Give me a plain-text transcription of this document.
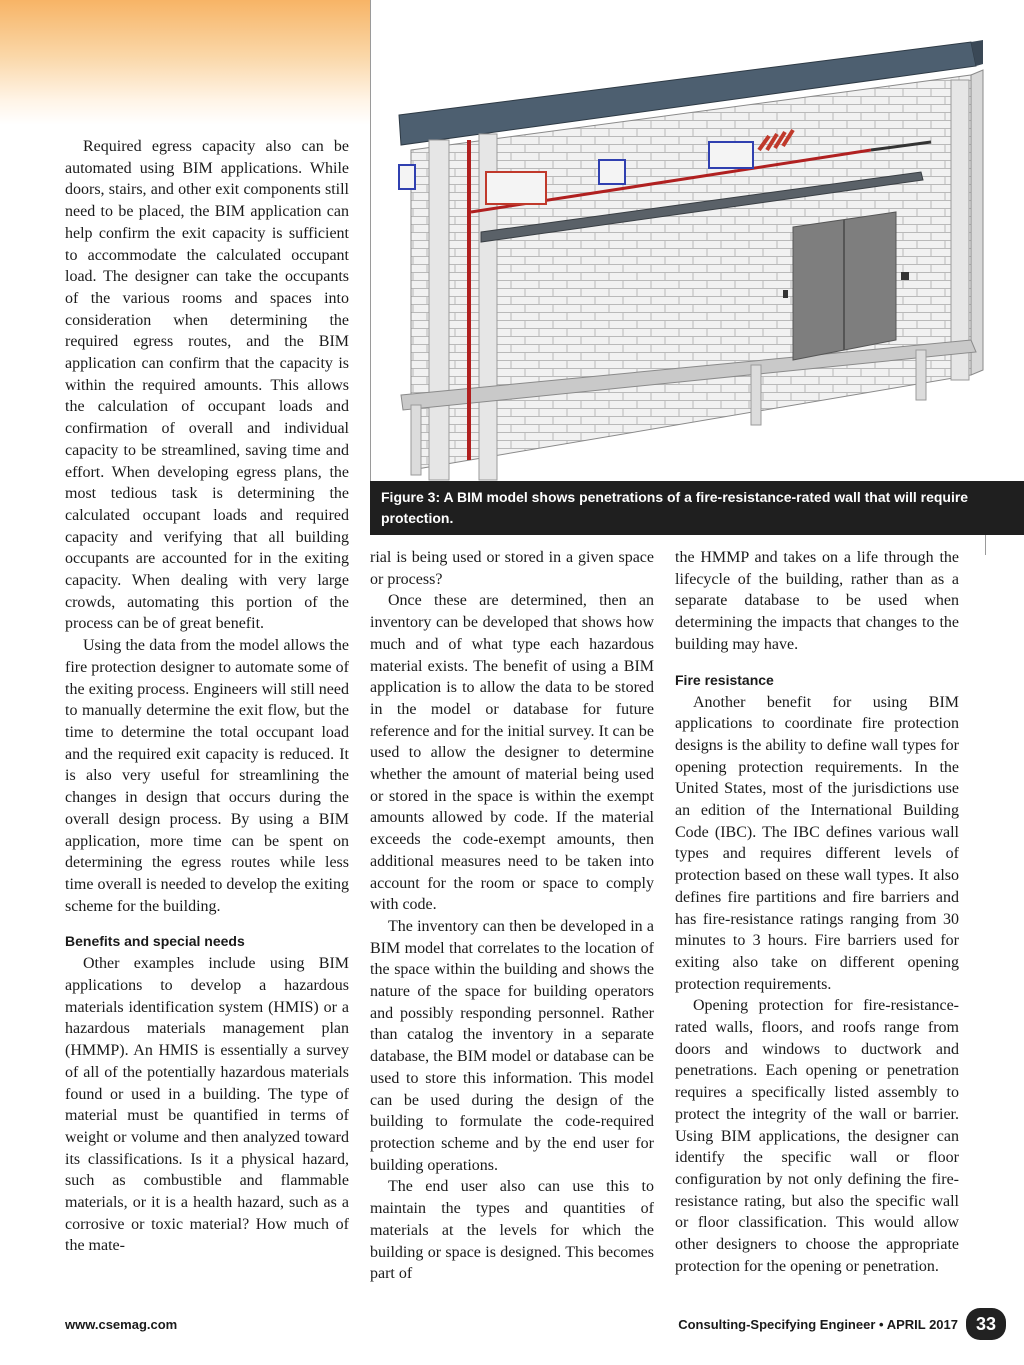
Figure 3: A BIM model shows penetrations of a fire-resistance-rated wall that will require protection.

Required egress capacity also can be automated using BIM applications. While doors, stairs, and other exit components still need to be placed, the BIM application can help confirm the exit capacity is sufficient to accommodate the calculated occupant load. The designer can take the occupants of the various rooms and spaces into consideration when determining the required egress routes, and the BIM application can confirm that the capacity is within the required amounts. This allows the calculation of occupant loads and confirmation of overall and individual capacity to be streamlined, saving time and effort. When developing egress plans, the most tedious task is determining the calculated occupant loads and required capacity and verifying that all building occupants are accounted for in the exiting capacity. When dealing with very large crowds, automating this portion of the process can be of great benefit.

Using the data from the model allows the fire protection designer to automate some of the exiting process. Engineers will still need to manually determine the exit flow, but the time to determine the total occupant load and the required exit capacity is reduced. It is also very useful for streamlining the changes in design that occurs during the overall design process. By using a BIM application, more time can be spent on determining the egress routes while less time overall is needed to develop the exiting scheme for the building.

Benefits and special needs

Other examples include using BIM applications to develop a hazardous materials identification system (HMIS) or a hazardous materials management plan (HMMP). An HMIS is essentially a survey of all of the potentially hazardous materials found or used in a building. The type of material must be quantified in terms of weight or volume and then analyzed toward its classifications. Is it a physical hazard, such as combustible and flammable materials, or it is a health hazard, such as a corrosive or toxic material? How much of the mate-

rial is being used or stored in a given space or process?

Once these are determined, then an inventory can be developed that shows how much and of what type each hazardous material exists. The benefit of using a BIM application is to allow the data to be stored in the model or database for future reference and for the initial survey. It can be used to allow the designer to determine whether the amount of material being used or stored in the space is within the exempt amounts allowed by code. If the material exceeds the code-exempt amounts, then additional measures need to be taken into account for the room or space to comply with code.

The inventory can then be developed in a BIM model that correlates to the location of the space within the building and shows the nature of the space for building operators and possibly responding personnel. Rather than catalog the inventory in a separate database, the BIM model or database can be used to store this information. This model can be used during the design of the building to formulate the code-required protection scheme and by the end user for building operations.

The end user also can use this to maintain the types and quantities of materials at the levels for which the building or space is designed. This becomes part of

the HMMP and takes on a life through the lifecycle of the building, rather than as a separate database to be used when determining the impacts that changes to the building may have.

Fire resistance

Another benefit for using BIM applications to coordinate fire protection designs is the ability to define wall types for opening protection requirements. In the United States, most of the jurisdictions use an edition of the International Building Code (IBC). The IBC defines various wall types and requires different levels of protection based on these wall types. It also defines fire partitions and fire barriers and has fire-resistance ratings ranging from 30 minutes to 3 hours. Fire barriers used for exiting also take on different opening protection requirements.

Opening protection for fire-resistance-rated walls, floors, and roofs range from doors and windows to ductwork and penetrations. Each opening or penetration requires a specifically listed assembly to protect the integrity of the wall or barrier. Using BIM applications, the designer can identify the specific wall or floor configuration by not only defining the fire-resistance rating, but also the specific wall or floor classification. This would allow other designers to choose the appropriate protection for the opening or penetration.

www.csemag.com	Consulting-Specifying Engineer • APRIL 2017 33
